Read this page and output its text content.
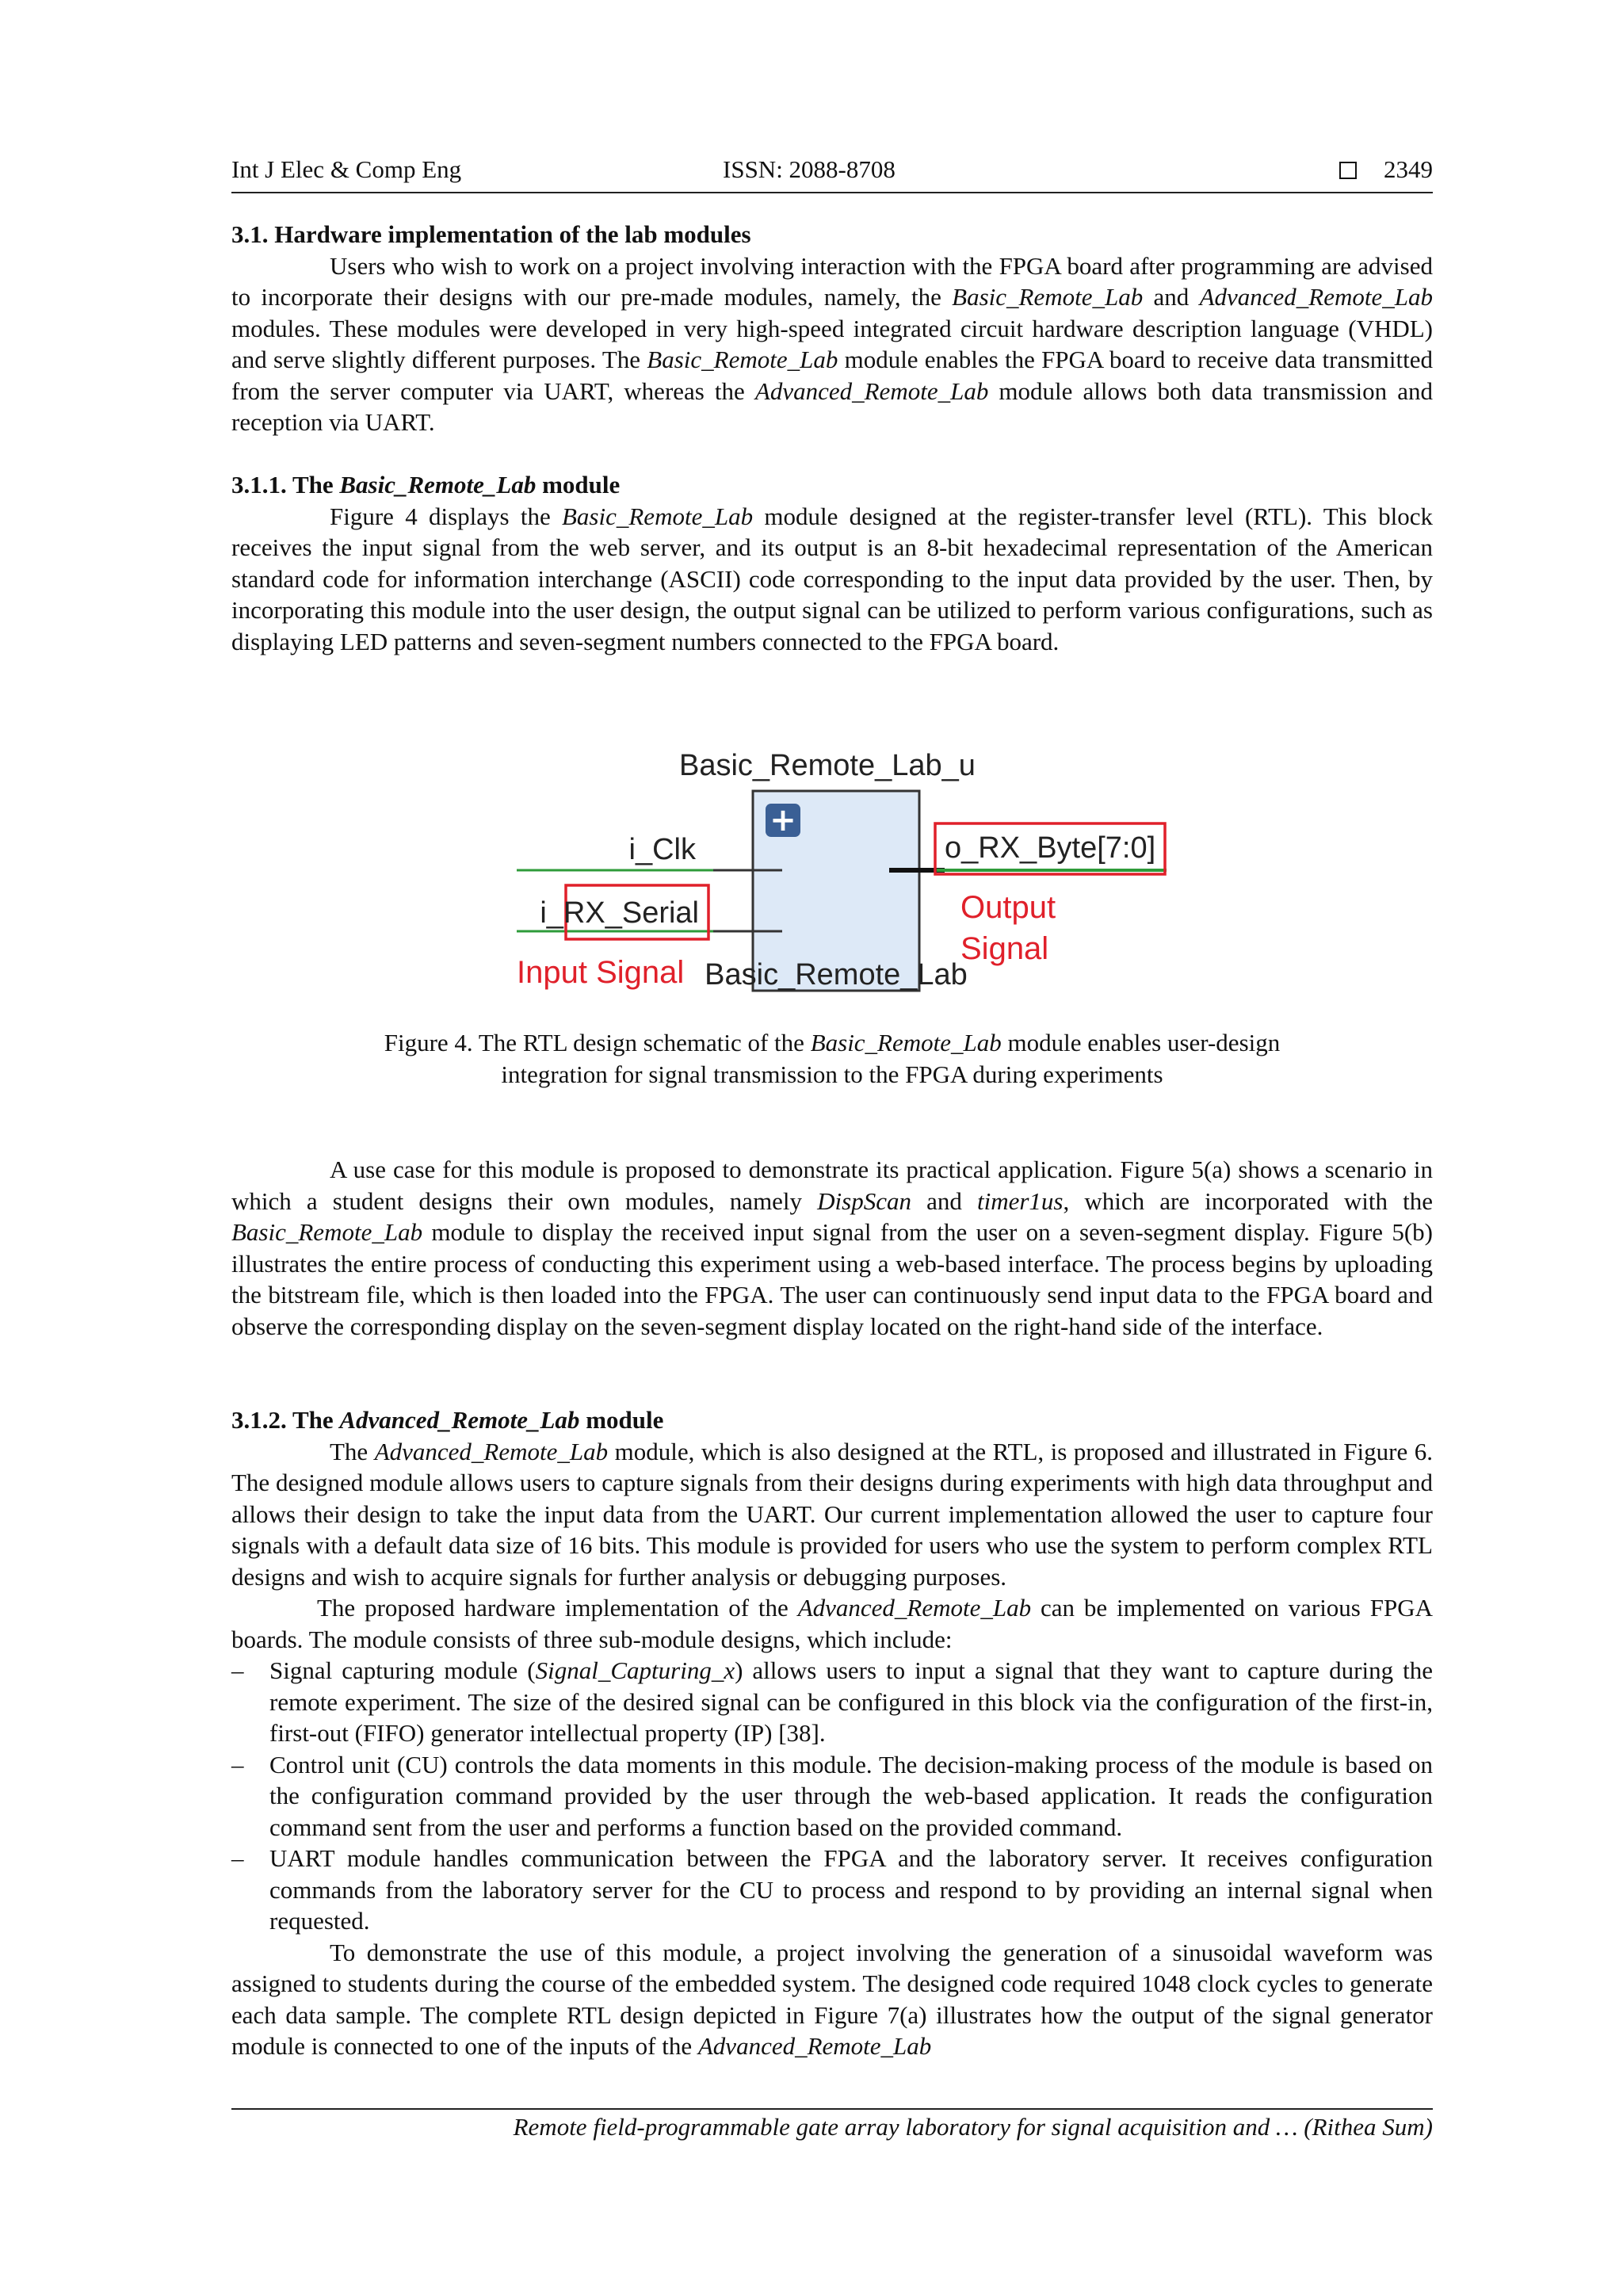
Int J Elec & Comp Eng	ISSN: 2088-8708	2349
3.1. Hardware implementation of the lab modules

Users who wish to work on a project involving interaction with the FPGA board after programming are advised to incorporate their designs with our pre-made modules, namely, the Basic_Remote_Lab and Advanced_Remote_Lab modules. These modules were developed in very high-speed integrated circuit hardware description language (VHDL) and serve slightly different purposes. The Basic_Remote_Lab module enables the FPGA board to receive data transmitted from the server computer via UART, whereas the Advanced_Remote_Lab module allows both data transmission and reception via UART.

3.1.1. The Basic_Remote_Lab module

Figure 4 displays the Basic_Remote_Lab module designed at the register-transfer level (RTL). This block receives the input signal from the web server, and its output is an 8-bit hexadecimal representation of the American standard code for information interchange (ASCII) code corresponding to the input data provided by the user. Then, by incorporating this module into the user design, the output signal can be utilized to perform various configurations, such as displaying LED patterns and seven-segment numbers connected to the FPGA board.

Basic_Remote_Lab_u
+
i_Clk
i_RX_Serial
o_RX_Byte[7:0]
Input Signal
Output
Signal
Basic_Remote_Lab
Figure 4. The RTL design schematic of the Basic_Remote_Lab module enables user-design
integration for signal transmission to the FPGA during experiments

A use case for this module is proposed to demonstrate its practical application. Figure 5(a) shows a scenario in which a student designs their own modules, namely DispScan and timer1us, which are incorporated with the Basic_Remote_Lab module to display the received input signal from the user on a seven-segment display. Figure 5(b) illustrates the entire process of conducting this experiment using a web-based interface. The process begins by uploading the bitstream file, which is then loaded into the FPGA. The user can continuously send input data to the FPGA board and observe the corresponding display on the seven-segment display located on the right-hand side of the interface.

3.1.2. The Advanced_Remote_Lab module

The Advanced_Remote_Lab module, which is also designed at the RTL, is proposed and illustrated in Figure 6. The designed module allows users to capture signals from their designs during experiments with high data throughput and allows their design to take the input data from the UART. Our current implementation allowed the user to capture four signals with a default data size of 16 bits. This module is provided for users who use the system to perform complex RTL designs and wish to acquire signals for further analysis or debugging purposes.

The proposed hardware implementation of the Advanced_Remote_Lab can be implemented on various FPGA boards. The module consists of three sub-module designs, which include:

–	Signal capturing module (Signal_Capturing_x) allows users to input a signal that they want to capture during the remote experiment. The size of the desired signal can be configured in this block via the configuration of the first-in, first-out (FIFO) generator intellectual property (IP) [38].
–	Control unit (CU) controls the data moments in this module. The decision-making process of the module is based on the configuration command provided by the user through the web-based application. It reads the configuration command sent from the user and performs a function based on the provided command.
–	UART module handles communication between the FPGA and the laboratory server. It receives configuration commands from the laboratory server for the CU to process and respond to by providing an internal signal when requested.

To demonstrate the use of this module, a project involving the generation of a sinusoidal waveform was assigned to students during the course of the embedded system. The designed code required 1048 clock cycles to generate each data sample. The complete RTL design depicted in Figure 7(a) illustrates how the output of the signal generator module is connected to one of the inputs of the Advanced_Remote_Lab

Remote field-programmable gate array laboratory for signal acquisition and … (Rithea Sum)
